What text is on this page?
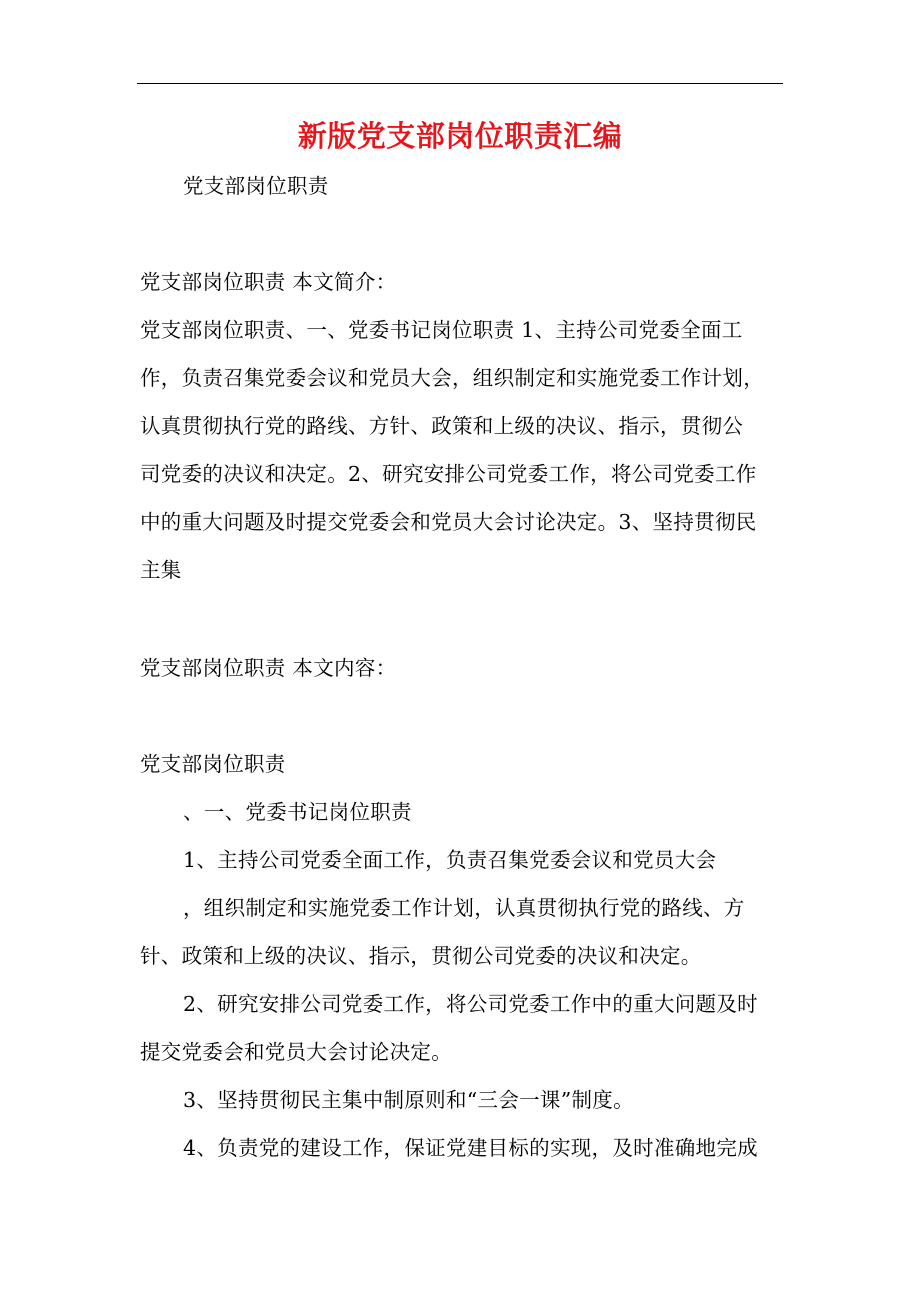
新版党支部岗位职责汇编
党支部岗位职责
党支部岗位职责 本文简介：
党支部岗位职责、一、党委书记岗位职责 1、主持公司党委全面工
作，负责召集党委会议和党员大会，组织制定和实施党委工作计划，
认真贯彻执行党的路线、方针、政策和上级的决议、指示，贯彻公
司党委的决议和决定。2、研究安排公司党委工作，将公司党委工作
中的重大问题及时提交党委会和党员大会讨论决定。3、坚持贯彻民
主集
党支部岗位职责 本文内容：
党支部岗位职责
、一、党委书记岗位职责
1、主持公司党委全面工作，负责召集党委会议和党员大会
，组织制定和实施党委工作计划，认真贯彻执行党的路线、方
针、政策和上级的决议、指示，贯彻公司党委的决议和决定。
2、研究安排公司党委工作，将公司党委工作中的重大问题及时
提交党委会和党员大会讨论决定。
3、坚持贯彻民主集中制原则和“三会一课”制度。
4、负责党的建设工作，保证党建目标的实现，及时准确地完成
